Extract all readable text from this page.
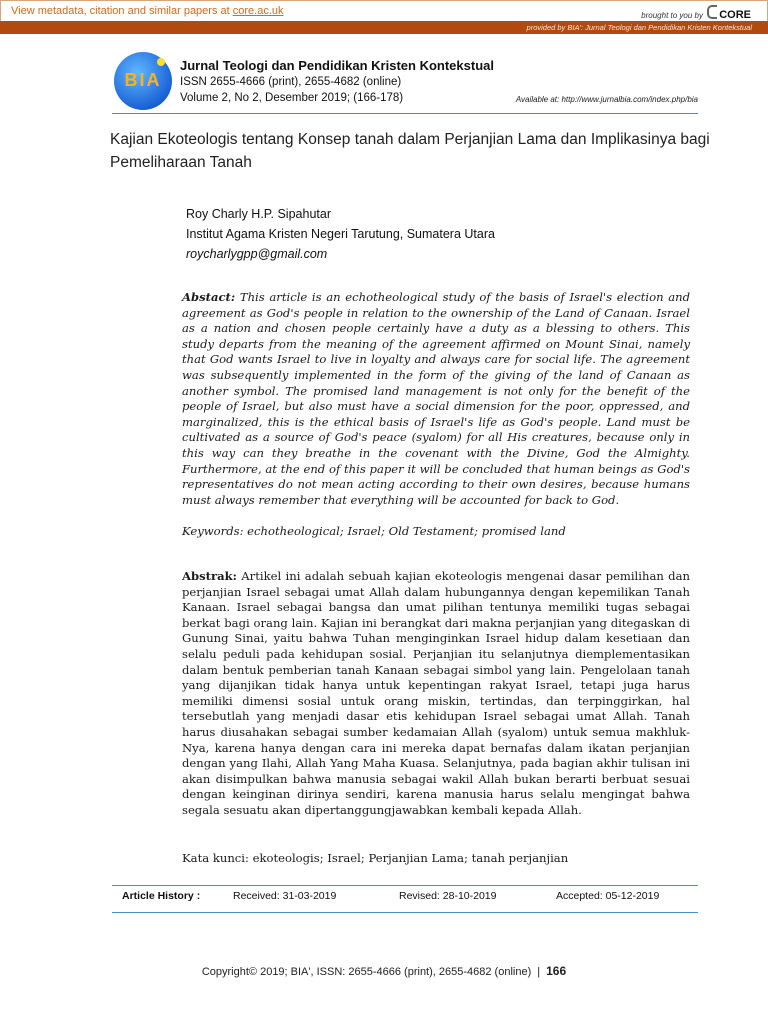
View metadata, citation and similar papers at core.ac.uk	brought to you by CORE
provided by BIA': Jurnal Teologi dan Pendidikan Kristen Kontekstual
BIA
Jurnal Teologi dan Pendidikan Kristen Kontekstual
ISSN 2655-4666 (print), 2655-4682 (online)
Volume 2, No 2, Desember 2019; (166-178)	Available at: http://www.jurnalbia.com/index.php/bia
Kajian Ekoteologis tentang Konsep tanah dalam Perjanjian Lama dan Implikasinya bagi Pemeliharaan Tanah
Roy Charly H.P. Sipahutar
Institut Agama Kristen Negeri Tarutung, Sumatera Utara
roycharlygpp@gmail.com
Abstact: This article is an echotheological study of the basis of Israel's election and agreement as God's people in relation to the ownership of the Land of Canaan. Israel as a nation and chosen people certainly have a duty as a blessing to others. This study departs from the meaning of the agreement affirmed on Mount Sinai, namely that God wants Israel to live in loyalty and always care for social life. The agreement was subsequently implemented in the form of the giving of the land of Canaan as another symbol. The promised land management is not only for the benefit of the people of Israel, but also must have a social dimension for the poor, oppressed, and marginalized, this is the ethical basis of Israel's life as God's people. Land must be cultivated as a source of God's peace (syalom) for all His creatures, because only in this way can they breathe in the covenant with the Divine, God the Almighty. Furthermore, at the end of this paper it will be concluded that human beings as God's representatives do not mean acting according to their own desires, because humans must always remember that everything will be accounted for back to God.
Keywords: echotheological; Israel; Old Testament; promised land
Abstrak: Artikel ini adalah sebuah kajian ekoteologis mengenai dasar pemilihan dan perjanjian Israel sebagai umat Allah dalam hubungannya dengan kepemilikan Tanah Kanaan. Israel sebagai bangsa dan umat pilihan tentunya memiliki tugas sebagai berkat bagi orang lain. Kajian ini berangkat dari makna perjanjian yang ditegaskan di Gunung Sinai, yaitu bahwa Tuhan menginginkan Israel hidup dalam kesetiaan dan selalu peduli pada kehidupan sosial. Perjanjian itu selanjutnya diemplementasikan dalam bentuk pemberian tanah Kanaan sebagai simbol yang lain. Pengelolaan tanah yang dijanjikan tidak hanya untuk kepentingan rakyat Israel, tetapi juga harus memiliki dimensi sosial untuk orang miskin, tertindas, dan terpinggirkan, hal tersebutlah yang menjadi dasar etis kehidupan Israel sebagai umat Allah. Tanah harus diusahakan sebagai sumber kedamaian Allah (syalom) untuk semua makhluk-Nya, karena hanya dengan cara ini mereka dapat bernafas dalam ikatan perjanjian dengan yang Ilahi, Allah Yang Maha Kuasa. Selanjutnya, pada bagian akhir tulisan ini akan disimpulkan bahwa manusia sebagai wakil Allah bukan berarti berbuat sesuai dengan keinginan dirinya sendiri, karena manusia harus selalu mengingat bahwa segala sesuatu akan dipertanggungjawabkan kembali kepada Allah.
Kata kunci: ekoteologis; Israel; Perjanjian Lama; tanah perjanjian
Article History :	Received: 31-03-2019	Revised: 28-10-2019	Accepted: 05-12-2019
Copyright© 2019; BIA', ISSN: 2655-4666 (print), 2655-4682 (online) | 166
